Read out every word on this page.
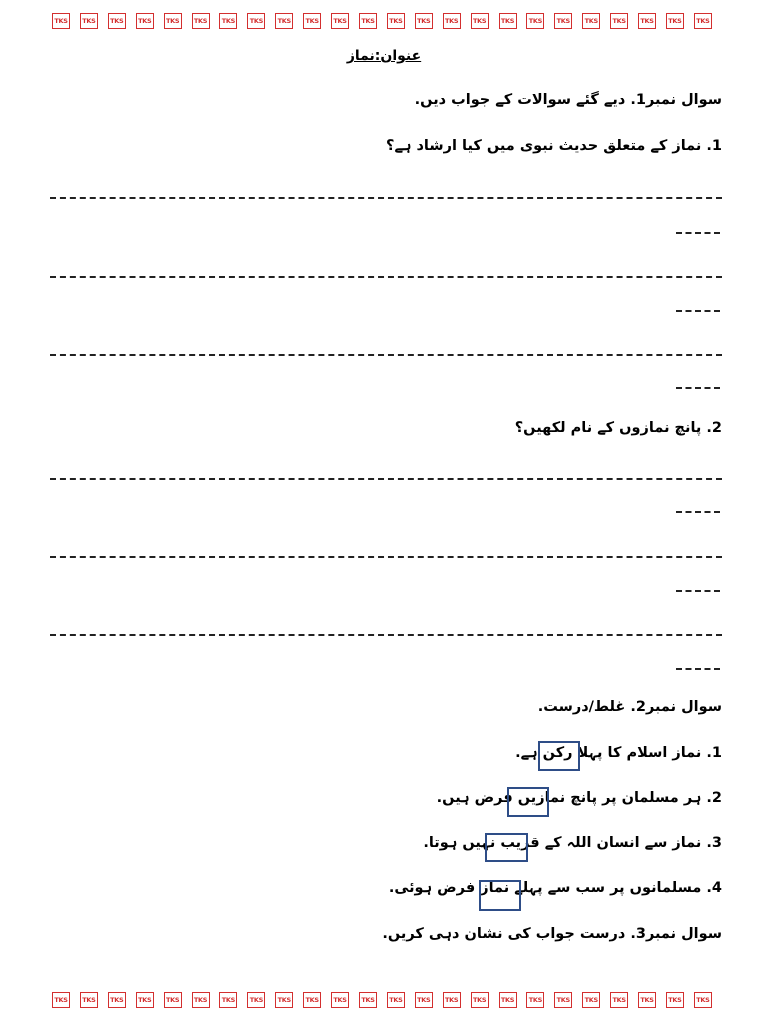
TKS	TKS	TKS	TKS	TKS	TKS	TKS	TKS	TKS	TKS	TKS	TKS	TKS	TKS	TKS	TKS	TKS	TKS	TKS	TKS	TKS	TKS	TKS	TKS
عنوان:نماز
سوال نمبر1. دیے گئے سوالات کے جواب دیں.
1. نماز کے متعلق حدیث نبوی میں کیا ارشاد ہے؟
2. پانچ نمازوں کے نام لکھیں؟
سوال نمبر2. غلط/درست.
1. نماز اسلام کا پہلا رکن ہے.
2. ہر مسلمان پر پانچ نمازیں فرض ہیں.
3. نماز سے انسان اللہ کے قریب نہیں ہوتا.
4. مسلمانوں پر سب سے پہلے نماز فرض ہوئی.
سوال نمبر3. درست جواب کی نشان دہی کریں.
TKS	TKS	TKS	TKS	TKS	TKS	TKS	TKS	TKS	TKS	TKS	TKS	TKS	TKS	TKS	TKS	TKS	TKS	TKS	TKS	TKS	TKS	TKS	TKS
